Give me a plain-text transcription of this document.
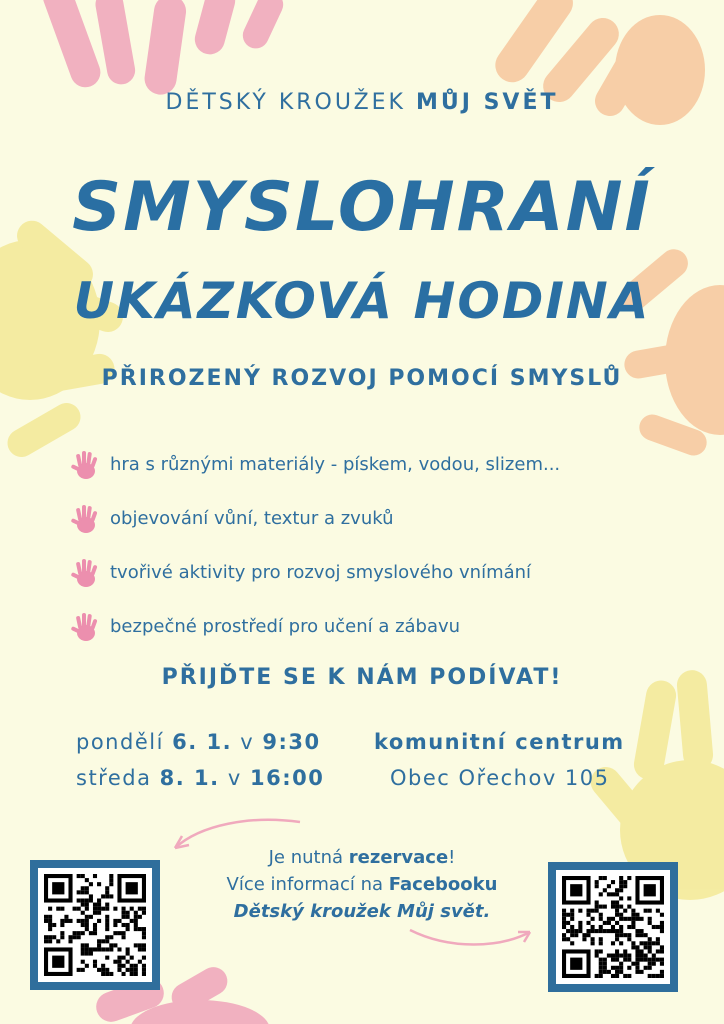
DĚTSKÝ KROUŽEK MŮJ SVĚT
SMYSLOHRANÍ
UKÁZKOVÁ HODINA
PŘIROZENÝ ROZVOJ POMOCÍ SMYSLŮ
hra s různými materiály - pískem, vodou, slizem...
objevování vůní, textur a zvuků
tvořivé aktivity pro rozvoj smyslového vnímání
bezpečné prostředí pro učení a zábavu
PŘIJĎTE SE K NÁM PODÍVAT!
pondělí 6. 1. v 9:30
středa 8. 1. v 16:00
komunitní centrum
Obec Ořechov 105
Je nutná rezervace!
Více informací na Facebooku
Dětský kroužek Můj svět.
